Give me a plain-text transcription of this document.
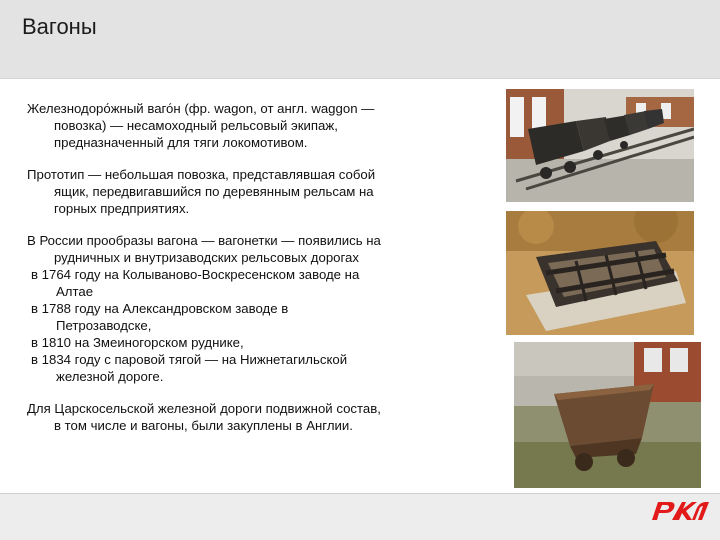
Вагоны
Железнодоро́жный ваго́н (фр. wagon, от англ. waggon —
повозка) — несамоходный рельсовый экипаж,
предназначенный для тяги локомотивом.
Прототип — небольшая повозка, представлявшая собой
ящик, передвигавшийся по деревянным рельсам на
горных предприятиях.
В России прообразы вагона — вагонетки — появились на
рудничных и внутризаводских рельсовых дорогах
в 1764 году на Колываново-Воскресенском заводе на
Алтае
в 1788 году на Александровском заводе в
Петрозаводске,
в 1810 на Змеиногорском руднике,
в 1834 году с паровой тягой — на Нижнетагильской
железной дороге.
Для Царскосельской железной дороги подвижной состав,
в том числе и вагоны, были закуплены в Англии.
